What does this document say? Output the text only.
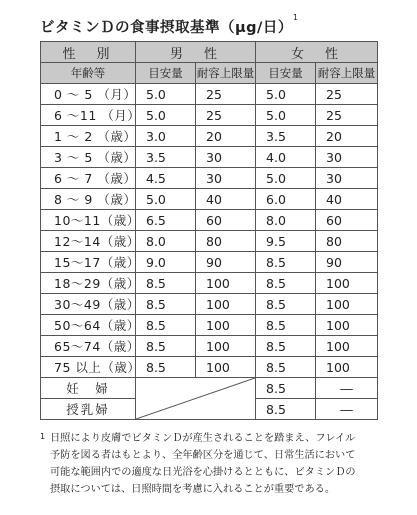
ビタミンＤの食事摂取基準（μg/日）$^1$
性　別	男　性		女　性	
年齢等	目安量	耐容上限量	目安量	耐容上限量
0 ～ 5 （月）	5.0	25	5.0	25
6 ～11 （月）	5.0	25	5.0	25
1 ～ 2 （歳）	3.0	20	3.5	20
3 ～ 5 （歳）	3.5	30	4.0	30
6 ～ 7 （歳）	4.5	30	5.0	30
8 ～ 9 （歳）	5.0	40	6.0	40
10～11（歳）	6.5	60	8.0	60
12～14（歳）	8.0	80	9.5	80
15～17（歳）	9.0	90	8.5	90
18～29（歳）	8.5	100	8.5	100
30～49（歳）	8.5	100	8.5	100
50～64（歳）	8.5	100	8.5	100
65～74（歳）	8.5	100	8.5	100
75 以上（歳）	8.5	100	8.5	100
妊　婦			8.5	―
授乳婦			8.5	―
1 日照により皮膚でビタミンＤが産生されることを踏まえ、フレイル

予防を図る者はもとより、全年齢区分を通じて、日常生活において

可能な範囲内での適度な日光浴を心掛けるとともに、ビタミンＤの

摂取については、日照時間を考慮に入れることが重要である。
